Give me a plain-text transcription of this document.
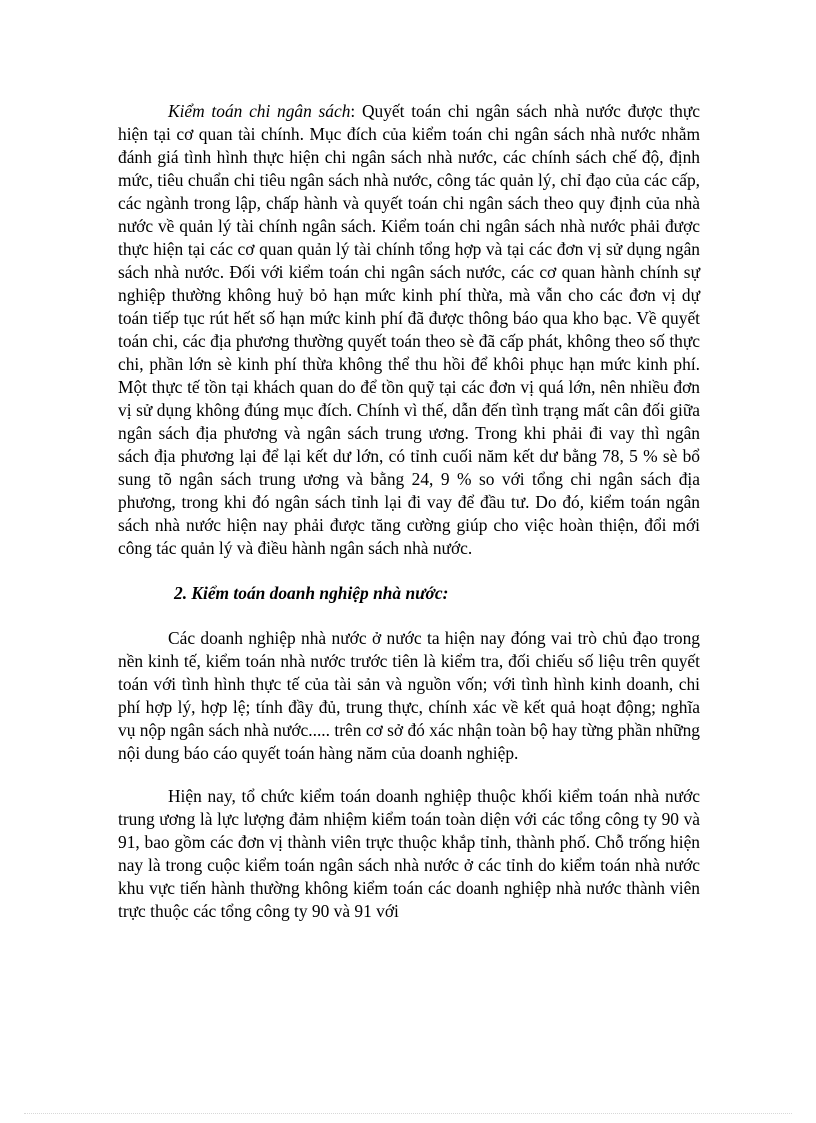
Kiểm toán chi ngân sách: Quyết toán chi ngân sách nhà nước được thực hiện tại cơ quan tài chính. Mục đích của kiểm toán chi ngân sách nhà nước nhằm đánh giá tình hình thực hiện chi ngân sách nhà nước, các chính sách chế độ, định mức, tiêu chuẩn chi tiêu ngân sách nhà nước, công tác quản lý, chỉ đạo của các cấp, các ngành trong lập, chấp hành và quyết toán chi ngân sách theo quy định của nhà nước về quản lý tài chính ngân sách. Kiểm toán chi ngân sách nhà nước phải được thực hiện tại các cơ quan quản lý tài chính tổng hợp và tại các đơn vị sử dụng ngân sách nhà nước. Đối với kiểm toán chi ngân sách nước, các cơ quan hành chính sự nghiệp thường không huỷ bỏ hạn mức kinh phí thừa, mà vẫn cho các đơn vị dự toán tiếp tục rút hết số hạn mức kinh phí đã được thông báo qua kho bạc. Về quyết toán chi, các địa phương thường quyết toán theo sè đã cấp phát, không theo số thực chi, phần lớn sè kinh phí thừa không thể thu hồi để khôi phục hạn mức kinh phí. Một thực tế tồn tại khách quan do để tồn quỹ tại các đơn vị quá lớn, nên nhiều đơn vị sử dụng không đúng mục đích. Chính vì thế, dẫn đến tình trạng mất cân đối giữa ngân sách địa phương và ngân sách trung ương. Trong khi phải đi vay thì ngân sách địa phương lại để lại kết dư lớn, có tỉnh cuối năm kết dư bằng 78, 5 % sè bổ sung tõ ngân sách trung ương và bằng 24, 9 % so với tổng chi ngân sách địa phương, trong khi đó ngân sách tỉnh lại đi vay để đầu tư. Do đó, kiểm toán ngân sách nhà nước hiện nay phải được tăng cường giúp cho việc hoàn thiện, đổi mới công tác quản lý và điều hành ngân sách nhà nước.

2. Kiểm toán doanh nghiệp nhà nước:

Các doanh nghiệp nhà nước ở nước ta hiện nay đóng vai trò chủ đạo trong nền kinh tế, kiểm toán nhà nước trước tiên là kiểm tra, đối chiếu số liệu trên quyết toán với tình hình thực tế của tài sản và nguồn vốn; với tình hình kinh doanh, chi phí hợp lý, hợp lệ; tính đầy đủ, trung thực, chính xác về kết quả hoạt động; nghĩa vụ nộp ngân sách nhà nước..... trên cơ sở đó xác nhận toàn bộ hay từng phần những nội dung báo cáo quyết toán hàng năm của doanh nghiệp.

Hiện nay, tổ chức kiểm toán doanh nghiệp thuộc khối kiểm toán nhà nước trung ương là lực lượng đảm nhiệm kiểm toán toàn diện với các tổng công ty 90 và 91, bao gồm các đơn vị thành viên trực thuộc khắp tỉnh, thành phố. Chỗ trống hiện nay là trong cuộc kiểm toán ngân sách nhà nước ở các tỉnh do kiểm toán nhà nước khu vực tiến hành thường không kiểm toán các doanh nghiệp nhà nước thành viên trực thuộc các tổng công ty 90 và 91 với
